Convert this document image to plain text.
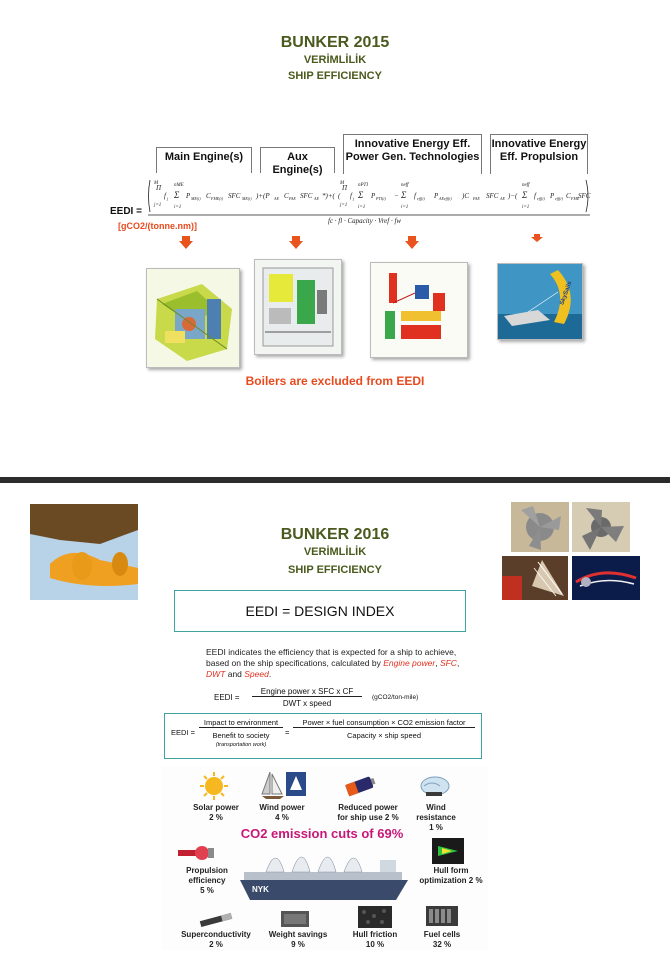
BUNKER 2015
VERİMLİLİK
SHIP EFFICIENCY
Main Engine(s)	Aux Engine(s)
Innovative Energy Eff. Power Gen. Technologies
Innovative Energy Eff. Propulsion
EEDI =
Π
M
j=1
f j Σ
nME
i=1
P ME(i) C FME(i) SFC ME(i) )+(P AE C FAE SFC AE *)+( (
Π
M
j=1
f j Σ
nPTI
i=1
P PTI(i) − Σ
neff
i=1
f eff(i) P AEeff(i) )C FAE SFC AE )−( Σ
neff
i=1
f eff(i) P eff(i) C FME
SFC
fc · fl · Capacity · Vref · fw
[gCO2/(tonne.nm)]
SkySails
Boilers are excluded from EEDI
BUNKER 2016
VERİMLİLİK
SHIP EFFICIENCY
EEDI = DESIGN INDEX
EEDI indicates the efficiency that is expected for a ship to achieve, based on the ship specifications, calculated by Engine power, SFC, DWT and Speed.
EEDI =
Engine power x SFC x CF
DWT x speed
(gCO2/ton-mile)
EEDI =
Impact to environment
Benefit to society
(transportation work)
=
Power × fuel consumption × CO2 emission factor
Capacity × ship speed
Solar power
2 %
Wind power
4 %
Reduced power for ship use 2 %
Wind resistance
1 %
CO2 emission cuts of 69%
Propulsion efficiency
5 %	NYK
Hull form optimization 2 %
Superconductivity
2 %
Weight savings
9 %
Hull friction
10 %
Fuel cells
32 %
